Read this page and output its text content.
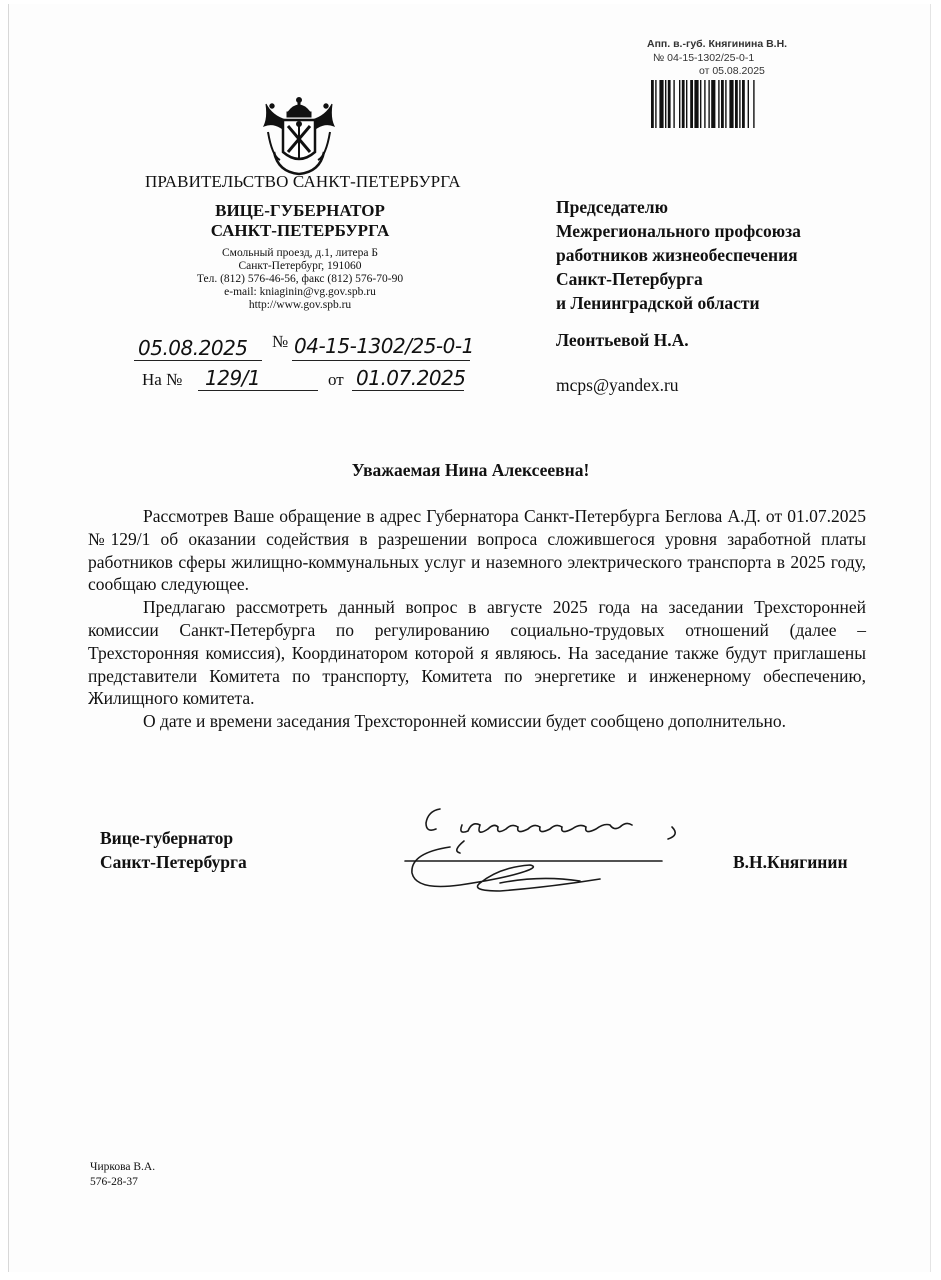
Апп. в.-губ. Княгинина В.Н.
№ 04-15-1302/25-0-1
от 05.08.2025
ПРАВИТЕЛЬСТВО САНКТ-ПЕТЕРБУРГА
ВИЦЕ-ГУБЕРНАТОР
САНКТ-ПЕТЕРБУРГА
Смольный проезд, д.1, литера Б
Санкт-Петербург, 191060
Тел. (812) 576-46-56, факс (812) 576-70-90
e-mail: kniaginin@vg.gov.spb.ru
http://www.gov.spb.ru
05.08.2025 № 04-15-1302/25-0-1
На № 129/1	от 01.07.2025
Председателю
Межрегионального профсоюза
работников жизнеобеспечения
Санкт-Петербурга
и Ленинградской области
Леонтьевой Н.А.
mcps@yandex.ru
Уважаемая Нина Алексеевна!

Рассмотрев Ваше обращение в адрес Губернатора Санкт-Петербурга Беглова А.Д. от 01.07.2025 №129/1 об оказании содействия в разрешении вопроса сложившегося уровня заработной платы работников сферы жилищно-коммунальных услуг и наземного электрического транспорта в 2025 году, сообщаю следующее.

Предлагаю рассмотреть данный вопрос в августе 2025 года на заседании Трехсторонней комиссии Санкт-Петербурга по регулированию социально-трудовых отношений (далее – Трехсторонняя комиссия), Координатором которой я являюсь. На заседание также будут приглашены представители Комитета по транспорту, Комитета по энергетике и инженерному обеспечению, Жилищного комитета.

О дате и времени заседания Трехсторонней комиссии будет сообщено дополнительно.

Вице-губернатор
Санкт-Петербурга	В.Н.Княгинин
Чиркова В.А.
576-28-37
